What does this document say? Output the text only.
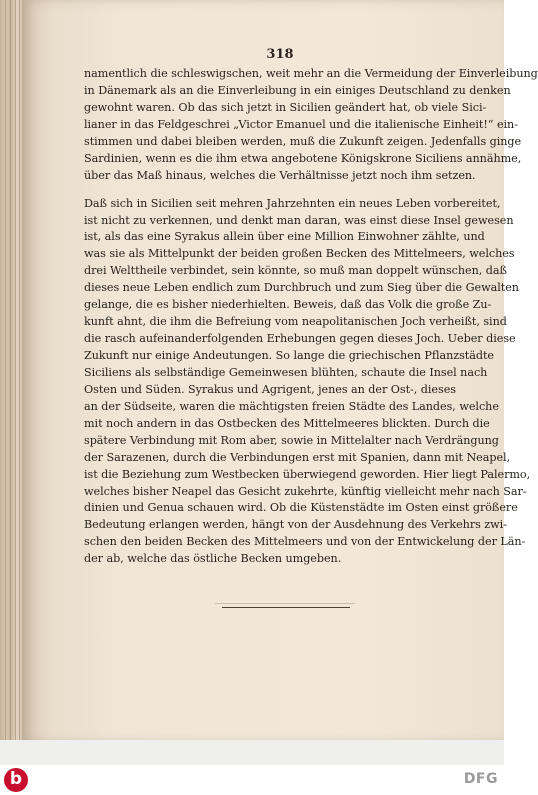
318
namentlich die schleswigschen, weit mehr an die Vermeidung der Einverleibung
in Dänemark als an die Einverleibung in ein einiges Deutschland zu denken
gewohnt waren. Ob das sich jetzt in Sicilien geändert hat, ob viele Sici-
lianer in das Feldgeschrei „Victor Emanuel und die italienische Einheit!“ ein-
stimmen und dabei bleiben werden, muß die Zukunft zeigen. Jedenfalls ginge
Sardinien, wenn es die ihm etwa angebotene Königskrone Siciliens annähme,
über das Maß hinaus, welches die Verhältnisse jetzt noch ihm setzen.
Daß sich in Sicilien seit mehren Jahrzehnten ein neues Leben vorbereitet,
ist nicht zu verkennen, und denkt man daran, was einst diese Insel gewesen
ist, als das eine Syrakus allein über eine Million Einwohner zählte, und
was sie als Mittelpunkt der beiden großen Becken des Mittelmeers, welches
drei Welttheile verbindet, sein könnte, so muß man doppelt wünschen, daß
dieses neue Leben endlich zum Durchbruch und zum Sieg über die Gewalten
gelange, die es bisher niederhielten. Beweis, daß das Volk die große Zu-
kunft ahnt, die ihm die Befreiung vom neapolitanischen Joch verheißt, sind
die rasch aufeinanderfolgenden Erhebungen gegen dieses Joch. Ueber diese
Zukunft nur einige Andeutungen. So lange die griechischen Pflanzstädte
Siciliens als selbständige Gemeinwesen blühten, schaute die Insel nach
Osten und Süden. Syrakus und Agrigent, jenes an der Ost-, dieses
an der Südseite, waren die mächtigsten freien Städte des Landes, welche
mit noch andern in das Ostbecken des Mittelmeeres blickten. Durch die
spätere Verbindung mit Rom aber, sowie in Mittelalter nach Verdrängung
der Sarazenen, durch die Verbindungen erst mit Spanien, dann mit Neapel,
ist die Beziehung zum Westbecken überwiegend geworden. Hier liegt Palermo,
welches bisher Neapel das Gesicht zukehrte, künftig vielleicht mehr nach Sar-
dinien und Genua schauen wird. Ob die Küstenstädte im Osten einst größere
Bedeutung erlangen werden, hängt von der Ausdehnung des Verkehrs zwi-
schen den beiden Becken des Mittelmeers und von der Entwickelung der Län-
der ab, welche das östliche Becken umgeben.
b	DFG
